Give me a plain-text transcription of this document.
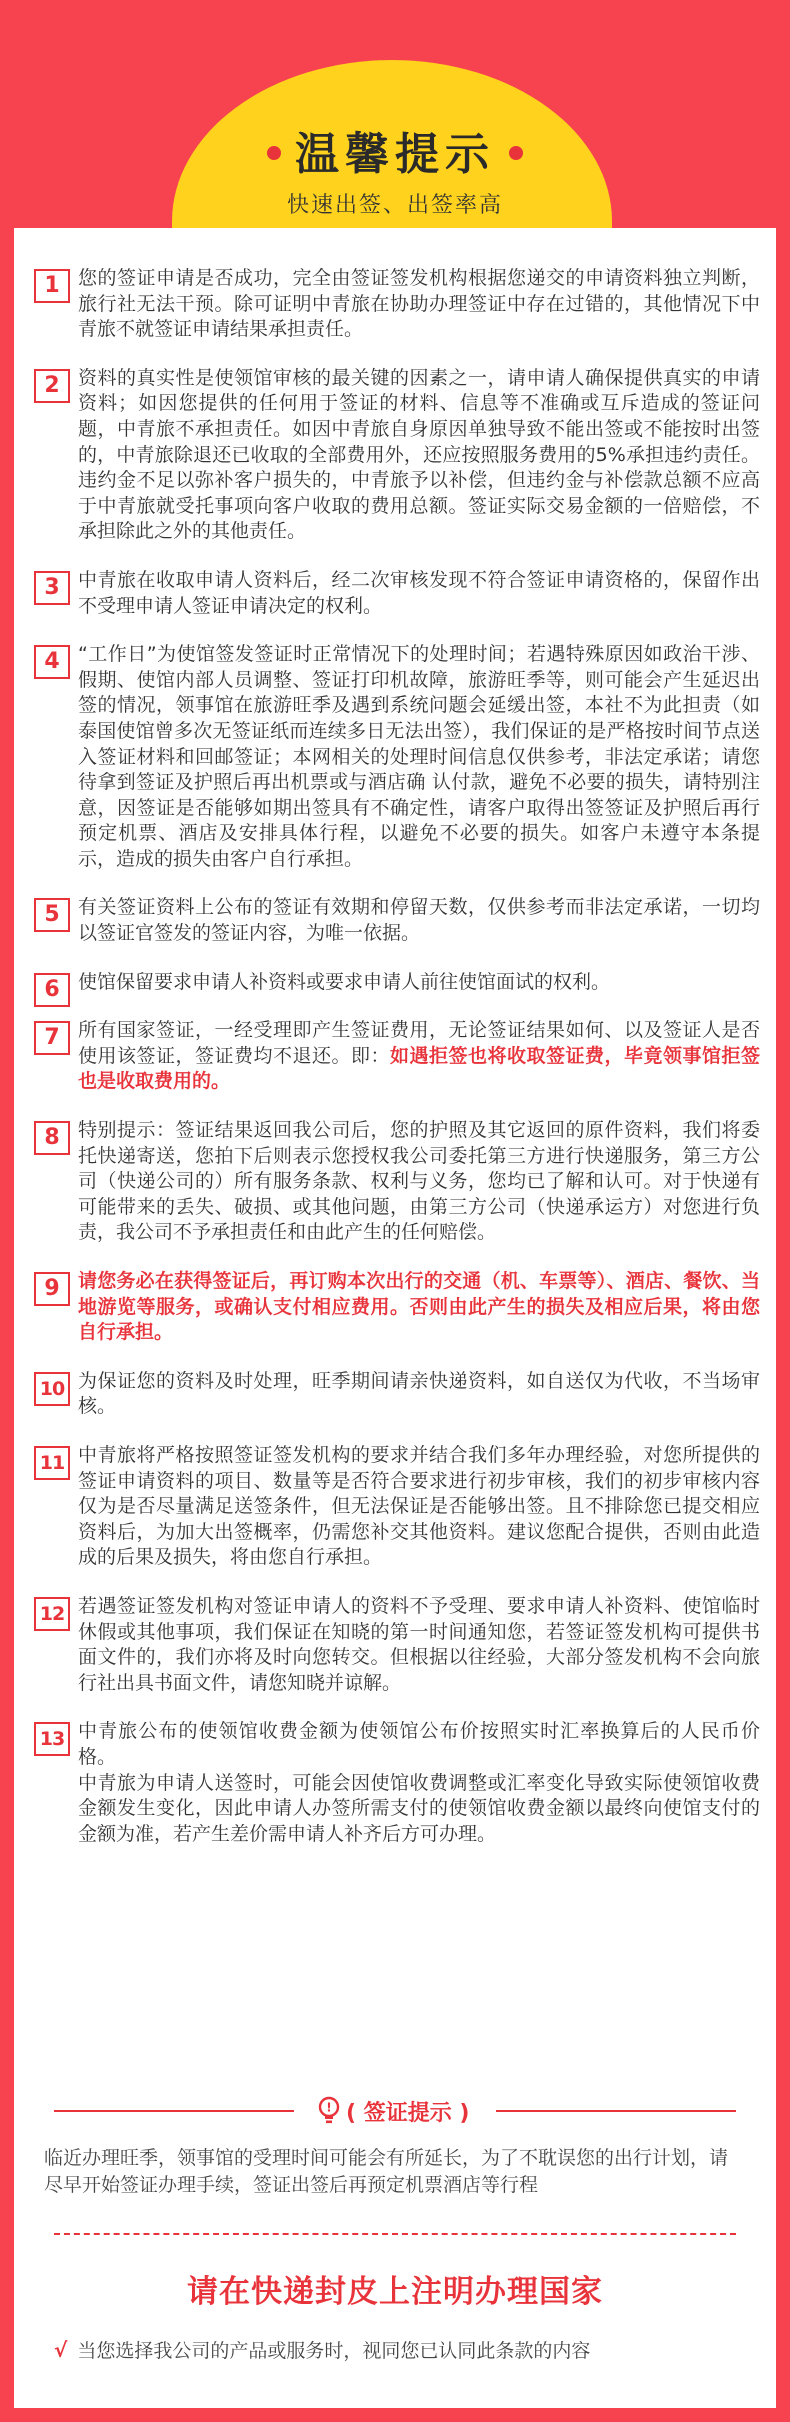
温馨提示
快速出签、出签率高
1 您的签证申请是否成功，完全由签证签发机构根据您递交的申请资料独立判断，旅行社无法干预。除可证明中青旅在协助办理签证中存在过错的，其他情况下中青旅不就签证申请结果承担责任。
2 资料的真实性是使领馆审核的最关键的因素之一，请申请人确保提供真实的申请资料；如因您提供的任何用于签证的材料、信息等不准确或互斥造成的签证问题，中青旅不承担责任。如因中青旅自身原因单独导致不能出签或不能按时出签的，中青旅除退还已收取的全部费用外，还应按照服务费用的5%承担违约责任。违约金不足以弥补客户损失的，中青旅予以补偿，但违约金与补偿款总额不应高于中青旅就受托事项向客户收取的费用总额。签证实际交易金额的一倍赔偿，不承担除此之外的其他责任。
3 中青旅在收取申请人资料后，经二次审核发现不符合签证申请资格的，保留作出不受理申请人签证申请决定的权利。
4 “工作日”为使馆签发签证时正常情况下的处理时间；若遇特殊原因如政治干涉、假期、使馆内部人员调整、签证打印机故障，旅游旺季等，则可能会产生延迟出签的情况，领事馆在旅游旺季及遇到系统问题会延缓出签，本社不为此担责（如泰国使馆曾多次无签证纸而连续多日无法出签），我们保证的是严格按时间节点送入签证材料和回邮签证；本网相关的处理时间信息仅供参考，非法定承诺；请您待拿到签证及护照后再出机票或与酒店确 认付款，避免不必要的损失，请特别注意，因签证是否能够如期出签具有不确定性，请客户取得出签签证及护照后再行预定机票、酒店及安排具体行程，以避免不必要的损失。如客户未遵守本条提示，造成的损失由客户自行承担。
5 有关签证资料上公布的签证有效期和停留天数，仅供参考而非法定承诺，一切均以签证官签发的签证内容，为唯一依据。
6 使馆保留要求申请人补资料或要求申请人前往使馆面试的权利。
7 所有国家签证，一经受理即产生签证费用，无论签证结果如何、以及签证人是否使用该签证，签证费均不退还。即：如遇拒签也将收取签证费，毕竟领事馆拒签也是收取费用的。
8 特别提示：签证结果返回我公司后，您的护照及其它返回的原件资料，我们将委托快递寄送，您拍下后则表示您授权我公司委托第三方进行快递服务，第三方公司（快递公司的）所有服务条款、权利与义务，您均已了解和认可。对于快递有可能带来的丢失、破损、或其他问题，由第三方公司（快递承运方）对您进行负责，我公司不予承担责任和由此产生的任何赔偿。
9 请您务必在获得签证后，再订购本次出行的交通（机、车票等）、酒店、餐饮、当地游览等服务，或确认支付相应费用。否则由此产生的损失及相应后果，将由您自行承担。
10 为保证您的资料及时处理，旺季期间请亲快递资料，如自送仅为代收，不当场审核。
11 中青旅将严格按照签证签发机构的要求并结合我们多年办理经验，对您所提供的签证申请资料的项目、数量等是否符合要求进行初步审核，我们的初步审核内容仅为是否尽量满足送签条件，但无法保证是否能够出签。且不排除您已提交相应资料后，为加大出签概率，仍需您补交其他资料。建议您配合提供，否则由此造成的后果及损失，将由您自行承担。
12 若遇签证签发机构对签证申请人的资料不予受理、要求申请人补资料、使馆临时休假或其他事项，我们保证在知晓的第一时间通知您，若签证签发机构可提供书面文件的，我们亦将及时向您转交。但根据以往经验，大部分签发机构不会向旅行社出具书面文件，请您知晓并谅解。
13 中青旅公布的使领馆收费金额为使领馆公布价按照实时汇率换算后的人民币价格。
中青旅为申请人送签时，可能会因使馆收费调整或汇率变化导致实际使领馆收费金额发生变化，因此申请人办签所需支付的使领馆收费金额以最终向使馆支付的金额为准，若产生差价需申请人补齐后方可办理。
! ( 签证提示 )
临近办理旺季，领事馆的受理时间可能会有所延长，为了不耽误您的出行计划，请尽早开始签证办理手续，签证出签后再预定机票酒店等行程
请在快递封皮上注明办理国家
√ 当您选择我公司的产品或服务时，视同您已认同此条款的内容
